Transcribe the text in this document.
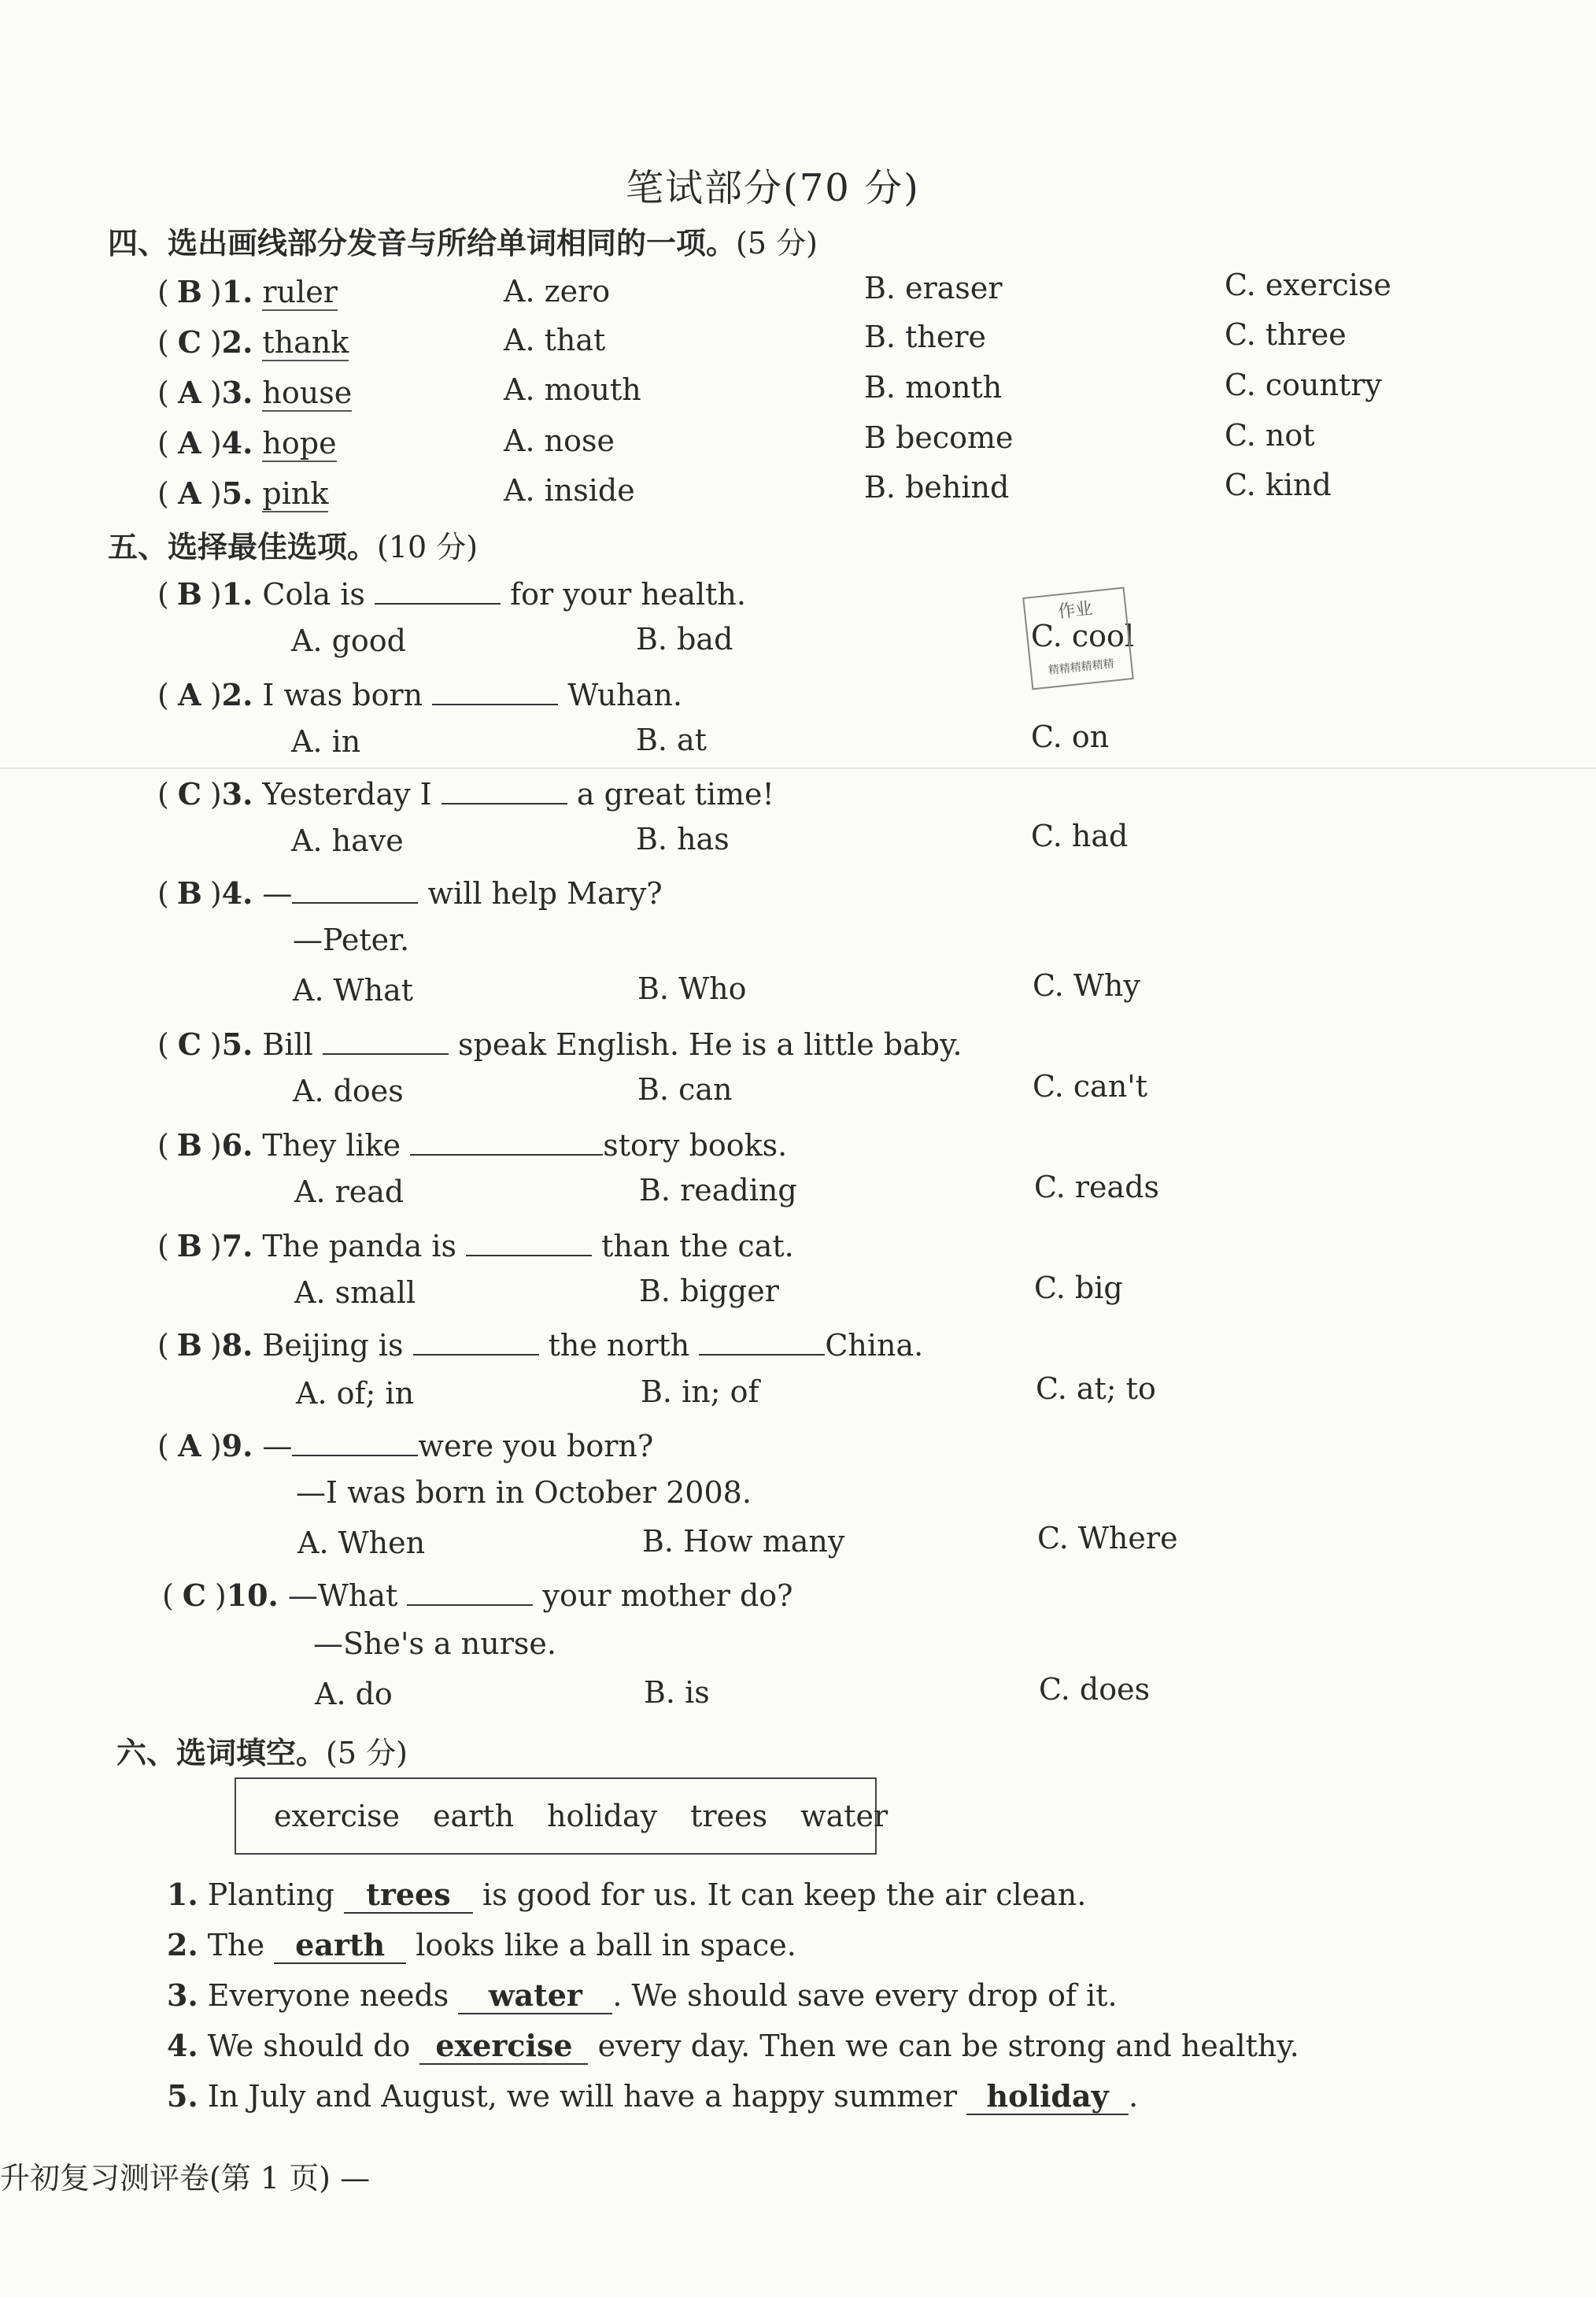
笔试部分(70 分)
四、选出画线部分发音与所给单词相同的一项。(5 分)
( B )1. ruler	A. zero	B. eraser	C. exercise
( C )2. thank	A. that	B. there	C. three
( A )3. house	A. mouth	B. month	C. country
( A )4. hope	A. nose	B become	C. not
( A )5. pink	A. inside	B. behind	C. kind
五、选择最佳选项。(10 分)
( B )1. Cola is	for your health.
A. good	B. bad	C. cool
作业
精精精精精精
( A )2. I was born	Wuhan.
A. in	B. at	C. on
( C )3. Yesterday I	a great time!
A. have	B. has	C. had
( B )4. —	will help Mary?
—Peter.
A. What	B. Who	C. Why
( C )5. Bill	speak English. He is a little baby.
A. does	B. can	C. can't
( B )6. They like	story books.
A. read	B. reading	C. reads
( B )7. The panda is	than the cat.
A. small	B. bigger	C. big
( B )8. Beijing is	the north	China.
A. of; in	B. in; of	C. at; to
( A )9. —	were you born?
—I was born in October 2008.
A. When	B. How many	C. Where
( C )10. —What	your mother do?
—She's a nurse.
A. do	B. is	C. does
六、选词填空。(5 分)
exercise earth holiday trees water
1. Planting trees is good for us. It can keep the air clean.
2. The earth looks like a ball in space.
3. Everyone needs water . We should save every drop of it.
4. We should do exercise every day. Then we can be strong and healthy.
5. In July and August, we will have a happy summer holiday .
升初复习测评卷(第 1 页) —
